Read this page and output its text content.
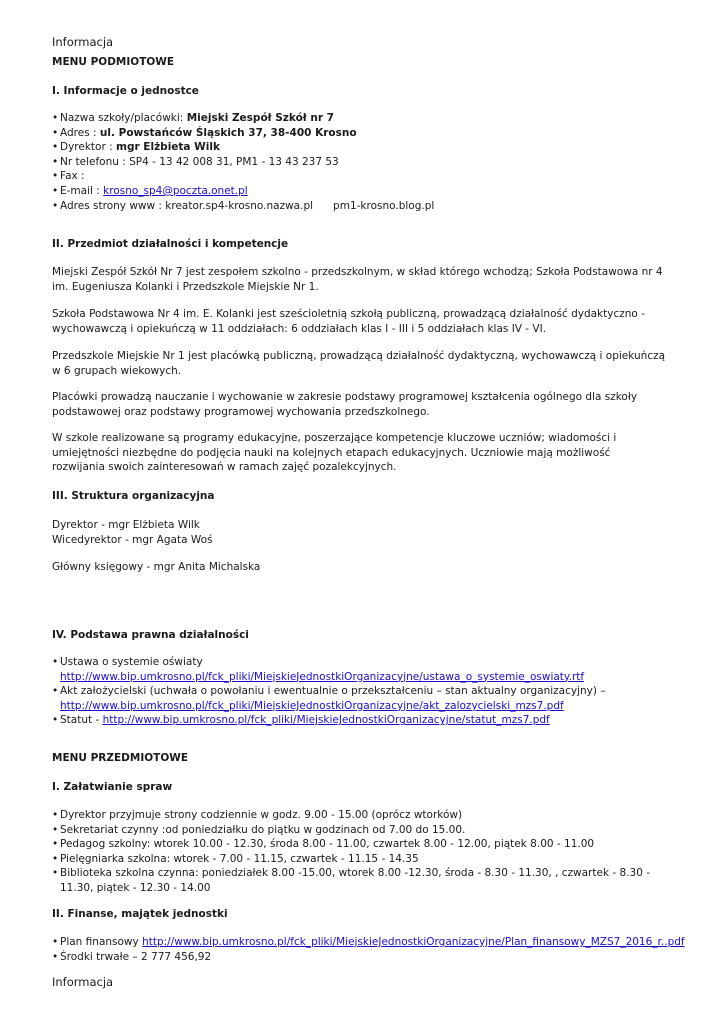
Informacja
MENU PODMIOTOWE
I. Informacje o jednostce
• Nazwa szkoły/placówki: Miejski Zespół Szkół nr 7
• Adres : ul. Powstańców Śląskich 37, 38-400 Krosno
• Dyrektor : mgr Elżbieta Wilk
• Nr telefonu : SP4 - 13 42 008 31, PM1 - 13 43 237 53
• Fax :
• E-mail : krosno_sp4@poczta.onet.pl
• Adres strony www : kreator.sp4-krosno.nazwa.pl      pm1-krosno.blog.pl
II. Przedmiot działalności i kompetencje

Miejski Zespół Szkół Nr 7 jest zespołem szkolno - przedszkolnym, w skład którego wchodzą; Szkoła Podstawowa nr 4 im. Eugeniusza Kolanki i Przedszkole Miejskie Nr 1.

Szkoła Podstawowa Nr 4 im. E. Kolanki jest sześcioletnią szkołą publiczną, prowadzącą działalność dydaktyczno - wychowawczą i opiekuńczą w 11 oddziałach: 6 oddziałach klas I - III i 5 oddziałach klas IV - VI.

Przedszkole Miejskie Nr 1 jest placówką publiczną, prowadzącą działalność dydaktyczną, wychowawczą i opiekuńczą   w 6 grupach wiekowych.

Placówki prowadzą nauczanie i wychowanie w zakresie podstawy programowej kształcenia ogólnego dla szkoły podstawowej oraz podstawy programowej wychowania przedszkolnego.

W szkole realizowane są programy edukacyjne, poszerzające kompetencje kluczowe uczniów; wiadomości i umiejętności niezbędne do podjęcia nauki na kolejnych etapach edukacyjnych. Uczniowie mają możliwość rozwijania swoich zainteresowań w ramach zajęć pozalekcyjnych.

III. Struktura organizacyjna
Dyrektor - mgr Elżbieta Wilk
Wicedyrektor - mgr Agata Woś
Główny księgowy - mgr Anita Michalska
IV. Podstawa prawna działalności
• Ustawa o systemie oświaty
http://www.bip.umkrosno.pl/fck_pliki/MiejskieJednostkiOrganizacyjne/ustawa_o_systemie_oswiaty.rtf
• Akt założycielski (uchwała o powołaniu i ewentualnie o przekształceniu – stan aktualny organizacyjny) –
http://www.bip.umkrosno.pl/fck_pliki/MiejskieJednostkiOrganizacyjne/akt_zalozycielski_mzs7.pdf
• Statut - http://www.bip.umkrosno.pl/fck_pliki/MiejskieJednostkiOrganizacyjne/statut_mzs7.pdf
MENU PRZEDMIOTOWE
I. Załatwianie spraw
• Dyrektor przyjmuje strony codziennie w godz. 9.00 - 15.00 (oprócz wtorków)
• Sekretariat czynny :od poniedziałku do piątku w godzinach od 7.00 do 15.00.
• Pedagog szkolny: wtorek 10.00 - 12.30, środa 8.00 - 11.00, czwartek 8.00 - 12.00, piątek 8.00 - 11.00
• Pielęgniarka szkolna: wtorek - 7.00 - 11.15, czwartek - 11.15 - 14.35
• Biblioteka szkolna czynna: poniedziałek 8.00 -15.00, wtorek 8.00 -12.30, środa - 8.30 - 11.30, , czwartek - 8.30 - 11.30, piątek - 12.30 - 14.00
II. Finanse, majątek jednostki
• Plan finansowy http://www.bip.umkrosno.pl/fck_pliki/MiejskieJednostkiOrganizacyjne/Plan_finansowy_MZS7_2016_r..pdf
• Środki trwałe – 2 777 456,92
Informacja
